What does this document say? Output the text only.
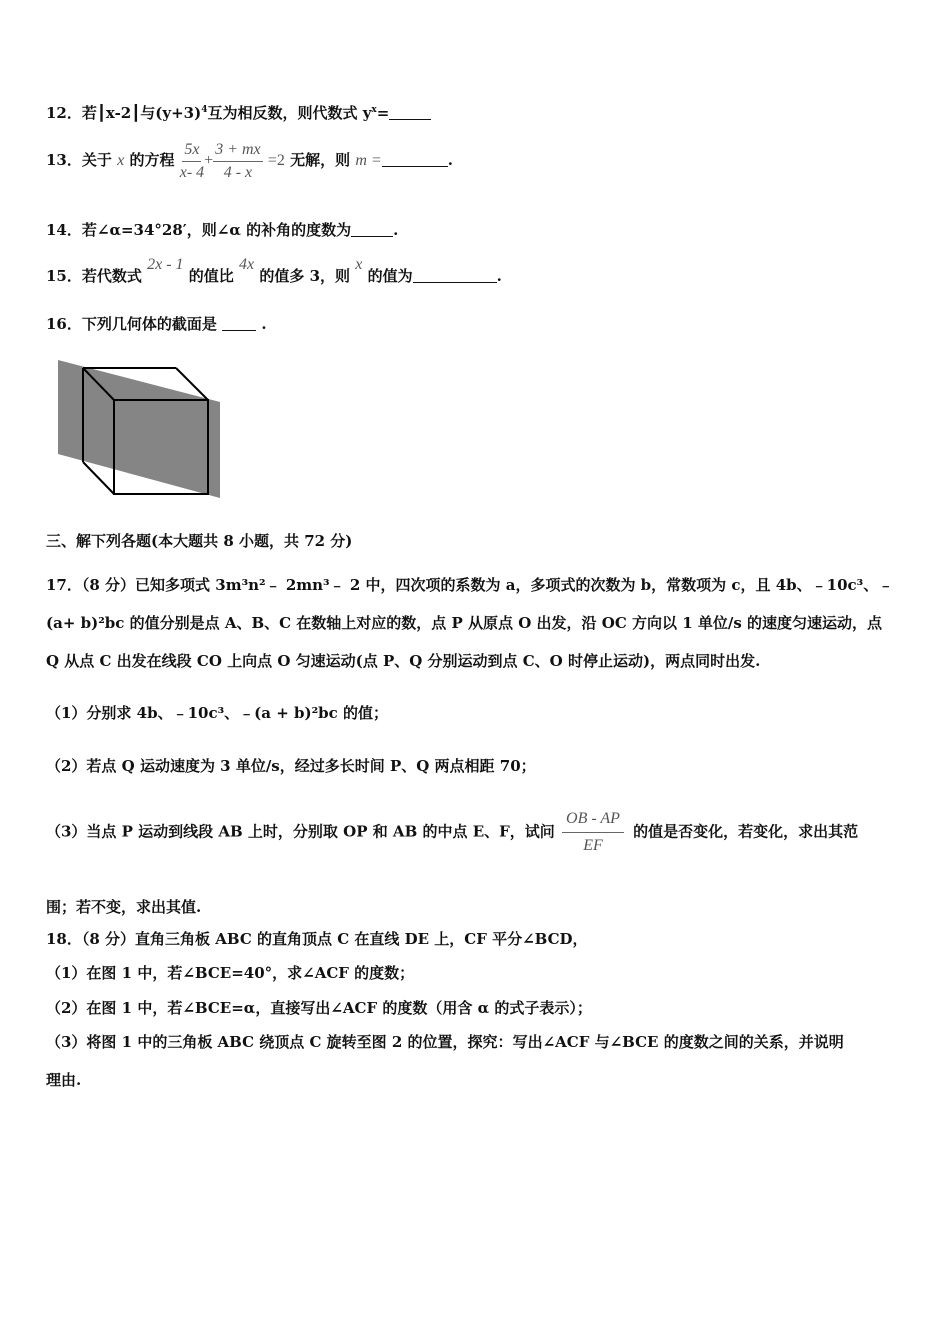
12．若┃x-2┃与$(y+3)^4$互为相反数，则代数式 $y^x=$
13．关于 x 的方程 $\frac{5x}{x- 4} + \frac{3 + mx}{4 - x} =2$ 无解，则 m =	.
14．若∠α=34°28′，则∠α 的补角的度数为	.
15．若代数式 2x - 1 的值比 4x 的值多 3，则 x 的值为	.
16．下列几何体的截面是	.
三、解下列各题(本大题共 8 小题，共 72 分)
17．（8 分）已知多项式 3m³n²﹣ 2mn³﹣ 2 中，四次项的系数为 a，多项式的次数为 b，常数项为 c，且 4b、﹣10c³、﹣
(a+ b)²bc 的值分别是点 A、B、C 在数轴上对应的数，点 P 从原点 O 出发，沿 OC 方向以 1 单位/s 的速度匀速运动，点
Q 从点 C 出发在线段 CO 上向点 O 匀速运动(点 P、Q 分别运动到点 C、O 时停止运动)，两点同时出发.
（1）分别求 4b、﹣10c³、﹣(a + b)²bc 的值；
（2）若点 Q 运动速度为 3 单位/s，经过多长时间 P、Q 两点相距 70；
（3）当点 P 运动到线段 AB 上时，分别取 OP 和 AB 的中点 E、F，试问 $\frac{OB - AP}{EF}$ 的值是否变化，若变化，求出其范
围；若不变，求出其值.
18．（8 分）直角三角板 ABC 的直角顶点 C 在直线 DE 上，CF 平分∠BCD，
（1）在图 1 中，若∠BCE=40°，求∠ACF 的度数；
（2）在图 1 中，若∠BCE=α，直接写出∠ACF 的度数（用含 α 的式子表示）；
（3）将图 1 中的三角板 ABC 绕顶点 C 旋转至图 2 的位置，探究：写出∠ACF 与∠BCE 的度数之间的关系，并说明
理由.
